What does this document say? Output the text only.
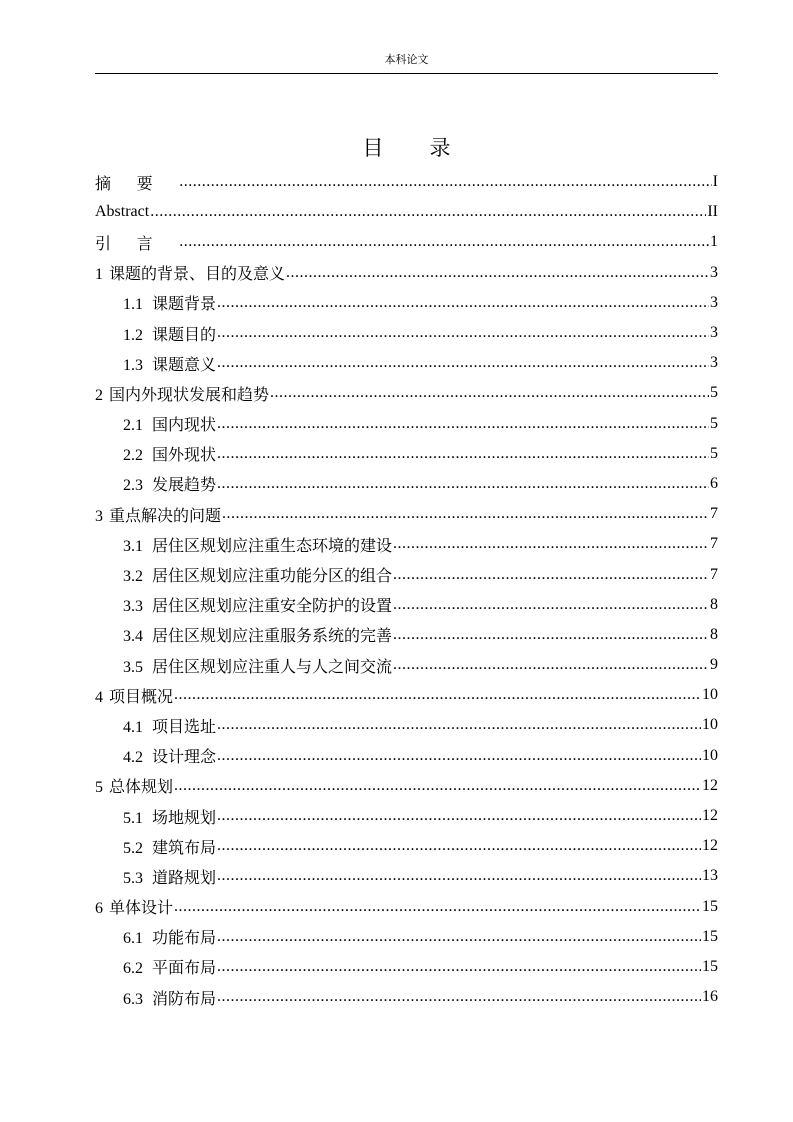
本科论文
目录
摘要 .....	I
Abstract .....	II
引言 .....	1
1 课题的背景、目的及意义 .....	3
1.1 课题背景 .....	3
1.2 课题目的 .....	3
1.3 课题意义 .....	3
2 国内外现状发展和趋势 .....	5
2.1 国内现状 .....	5
2.2 国外现状 .....	5
2.3 发展趋势 .....	6
3 重点解决的问题 .....	7
3.1 居住区规划应注重生态环境的建设 .....	7
3.2 居住区规划应注重功能分区的组合 .....	7
3.3 居住区规划应注重安全防护的设置 .....	8
3.4 居住区规划应注重服务系统的完善 .....	8
3.5 居住区规划应注重人与人之间交流 .....	9
4 项目概况 .....	10
4.1 项目选址 .....	10
4.2 设计理念 .....	10
5 总体规划 .....	12
5.1 场地规划 .....	12
5.2 建筑布局 .....	12
5.3 道路规划 .....	13
6 单体设计 .....	15
6.1 功能布局 .....	15
6.2 平面布局 .....	15
6.3 消防布局 .....	16
